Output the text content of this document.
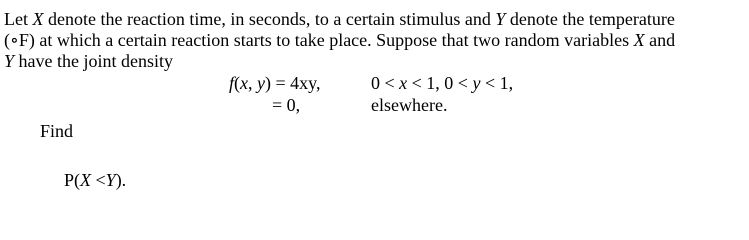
Let X denote the reaction time, in seconds, to a certain stimulus and Y denote the temperature
(∘F) at which a certain reaction starts to take place. Suppose that two random variables X and
Y have the joint density
f(x, y) = 4xy,	0 < x < 1, 0 < y < 1,
= 0,	elsewhere.
Find
P(X <Y).
